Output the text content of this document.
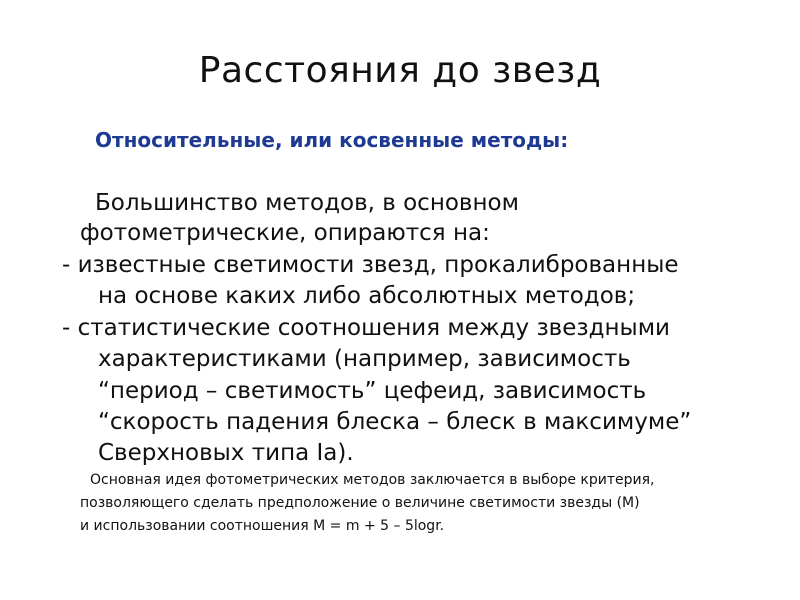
Расстояния до звезд
Относительные, или косвенные методы:
Большинство методов, в основном
фотометрические, опираются на:
- известные светимости звезд, прокалиброванные
на основе каких либо абсолютных методов;
- статистические соотношения между звездными
характеристиками (например, зависимость
“период – светимость” цефеид, зависимость
“скорость падения блеска – блеск в максимуме”
Сверхновых типа Ia).
Основная идея фотометрических методов заключается в выборе критерия,
позволяющего сделать предположение о величине светимости звезды (M)
и использовании соотношения M = m + 5 – 5logr.
